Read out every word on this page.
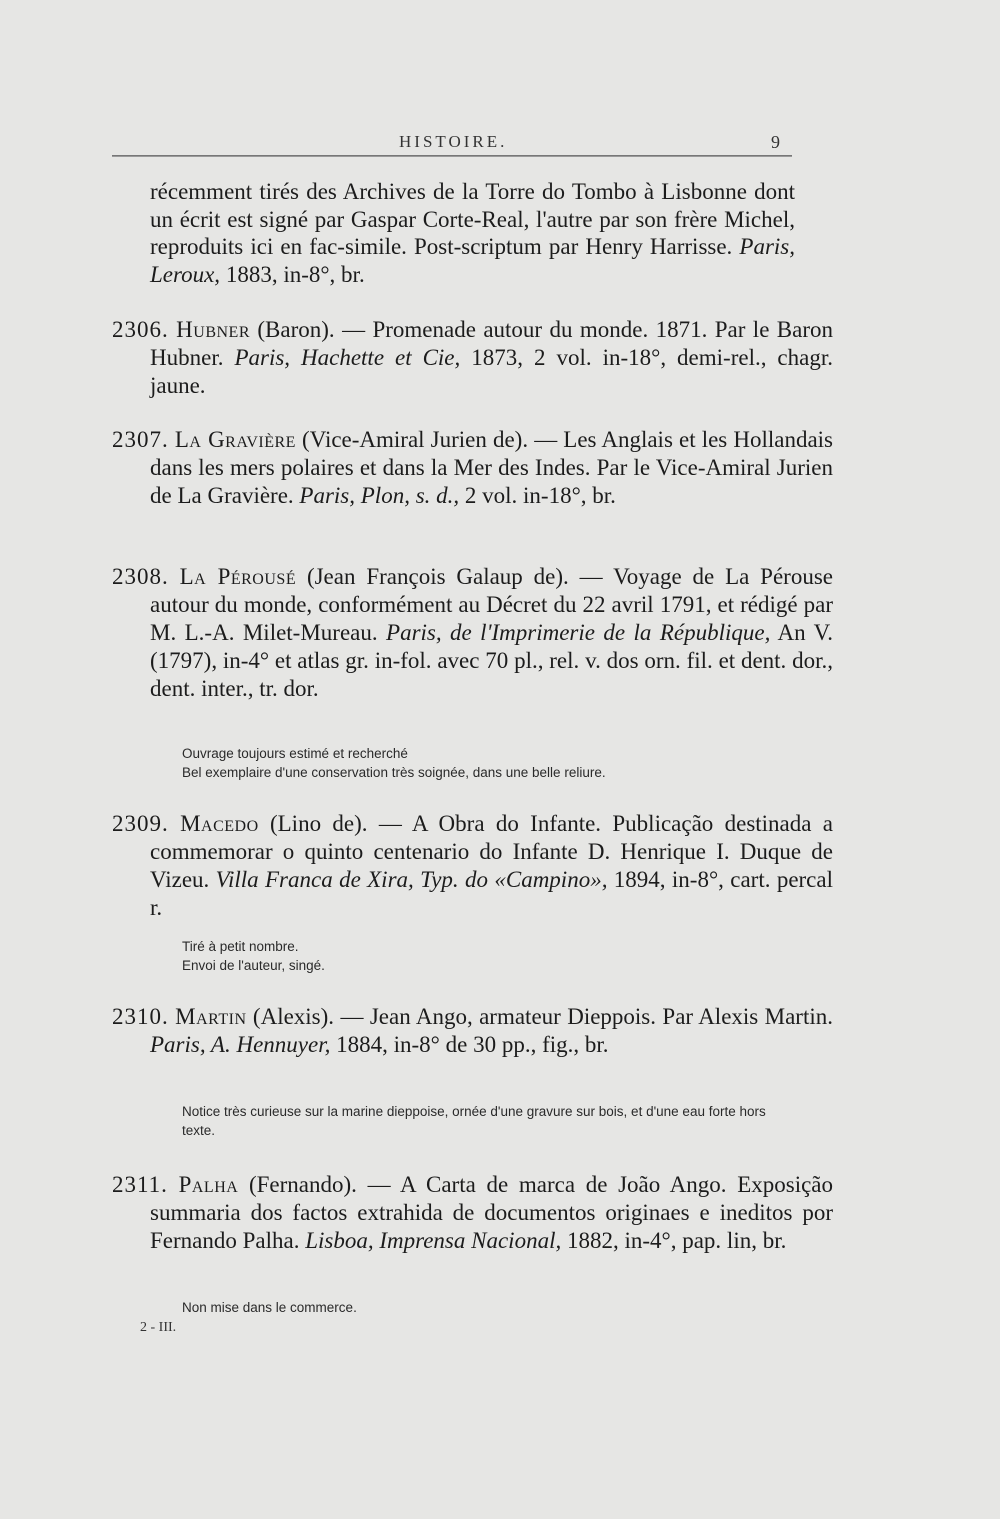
HISTOIRE.	9
récemment tirés des Archives de la Torre do Tombo à Lisbonne dont un écrit est signé par Gaspar Corte-Real, l'autre par son frère Michel, reproduits ici en fac-simile. Post-scriptum par Henry Harrisse. Paris, Leroux, 1883, in-8°, br.
2306. Hubner (Baron). — Promenade autour du monde. 1871. Par le Baron Hubner. Paris, Hachette et Cie, 1873, 2 vol. in-18°, demi-rel., chagr. jaune.
2307. La Gravière (Vice-Amiral Jurien de). — Les Anglais et les Hollandais dans les mers polaires et dans la Mer des Indes. Par le Vice-Amiral Jurien de La Gravière. Paris, Plon, s. d., 2 vol. in-18°, br.
2308. La Pérousé (Jean François Galaup de). — Voyage de La Pérouse autour du monde, conformément au Décret du 22 avril 1791, et rédigé par M. L.-A. Milet-Mureau. Paris, de l'Imprimerie de la République, An V. (1797), in-4° et atlas gr. in-fol. avec 70 pl., rel. v. dos orn. fil. et dent. dor., dent. inter., tr. dor.
Ouvrage toujours estimé et recherché
Bel exemplaire d'une conservation très soignée, dans une belle reliure.
2309. Macedo (Lino de). — A Obra do Infante. Publicação destinada a commemorar o quinto centenario do Infante D. Henrique I. Duque de Vizeu. Villa Franca de Xira, Typ. do «Campino», 1894, in-8°, cart. percal r.
Tiré à petit nombre.
Envoi de l'auteur, singé.
2310. Martin (Alexis). — Jean Ango, armateur Dieppois. Par Alexis Martin. Paris, A. Hennuyer, 1884, in-8° de 30 pp., fig., br.

Notice très curieuse sur la marine dieppoise, ornée d'une gravure sur bois, et d'une eau forte hors texte.

2311. Palha (Fernando). — A Carta de marca de João Ango. Exposição summaria dos factos extrahida de documentos originaes e ineditos por Fernando Palha. Lisboa, Imprensa Nacional, 1882, in-4°, pap. lin, br.

Non mise dans le commerce.

2 - III.
